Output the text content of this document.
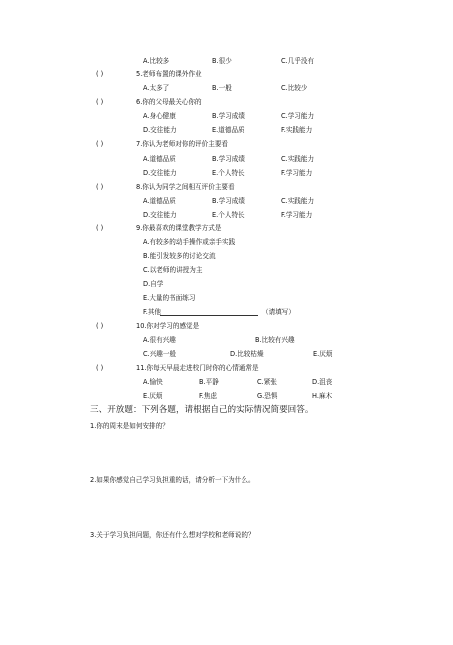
A.比较多	B.很少	C.几乎没有
( )	5.老师布置的课外作业
A.太多了	B.一般	C.比较少
( )	6.你的父母最关心你的
A.身心健康	B.学习成绩	C.学习能力
D.交往能力	E.道德品质	F.实践能力
( )	7.你认为老师对你的评价主要看
A.道德品质	B.学习成绩	C.实践能力
D.交往能力	E.个人特长	F.学习能力
( )	8.你认为同学之间相互评价主要看
A.道德品质	B.学习成绩	C.实践能力
D.交往能力	E.个人特长	F.学习能力
( )	9.你最喜欢的课堂教学方式是
A.有较多的动手操作或亲手实践
B.能引发较多的讨论交流
C.以老师的讲授为主
D.自学
E.大量的书面练习
F.其他	（请填写）
( )	10.你对学习的感觉是
A.很有兴趣	B.比较有兴趣
C.兴趣一般	D.比较枯燥	E.厌烦
( )	11.你每天早晨走进校门时你的心情通常是
A.愉快	B.平静	C.紧张	D.沮丧
E.厌烦	F.焦虑	G.恐惧	H.麻木
三、开放题：下列各题，请根据自己的实际情况简要回答。
1.你的周末是如何安排的？
2.如果你感觉自己学习负担重的话，请分析一下为什么。
3.关于学习负担问题，你还有什么想对学校和老师说的？
